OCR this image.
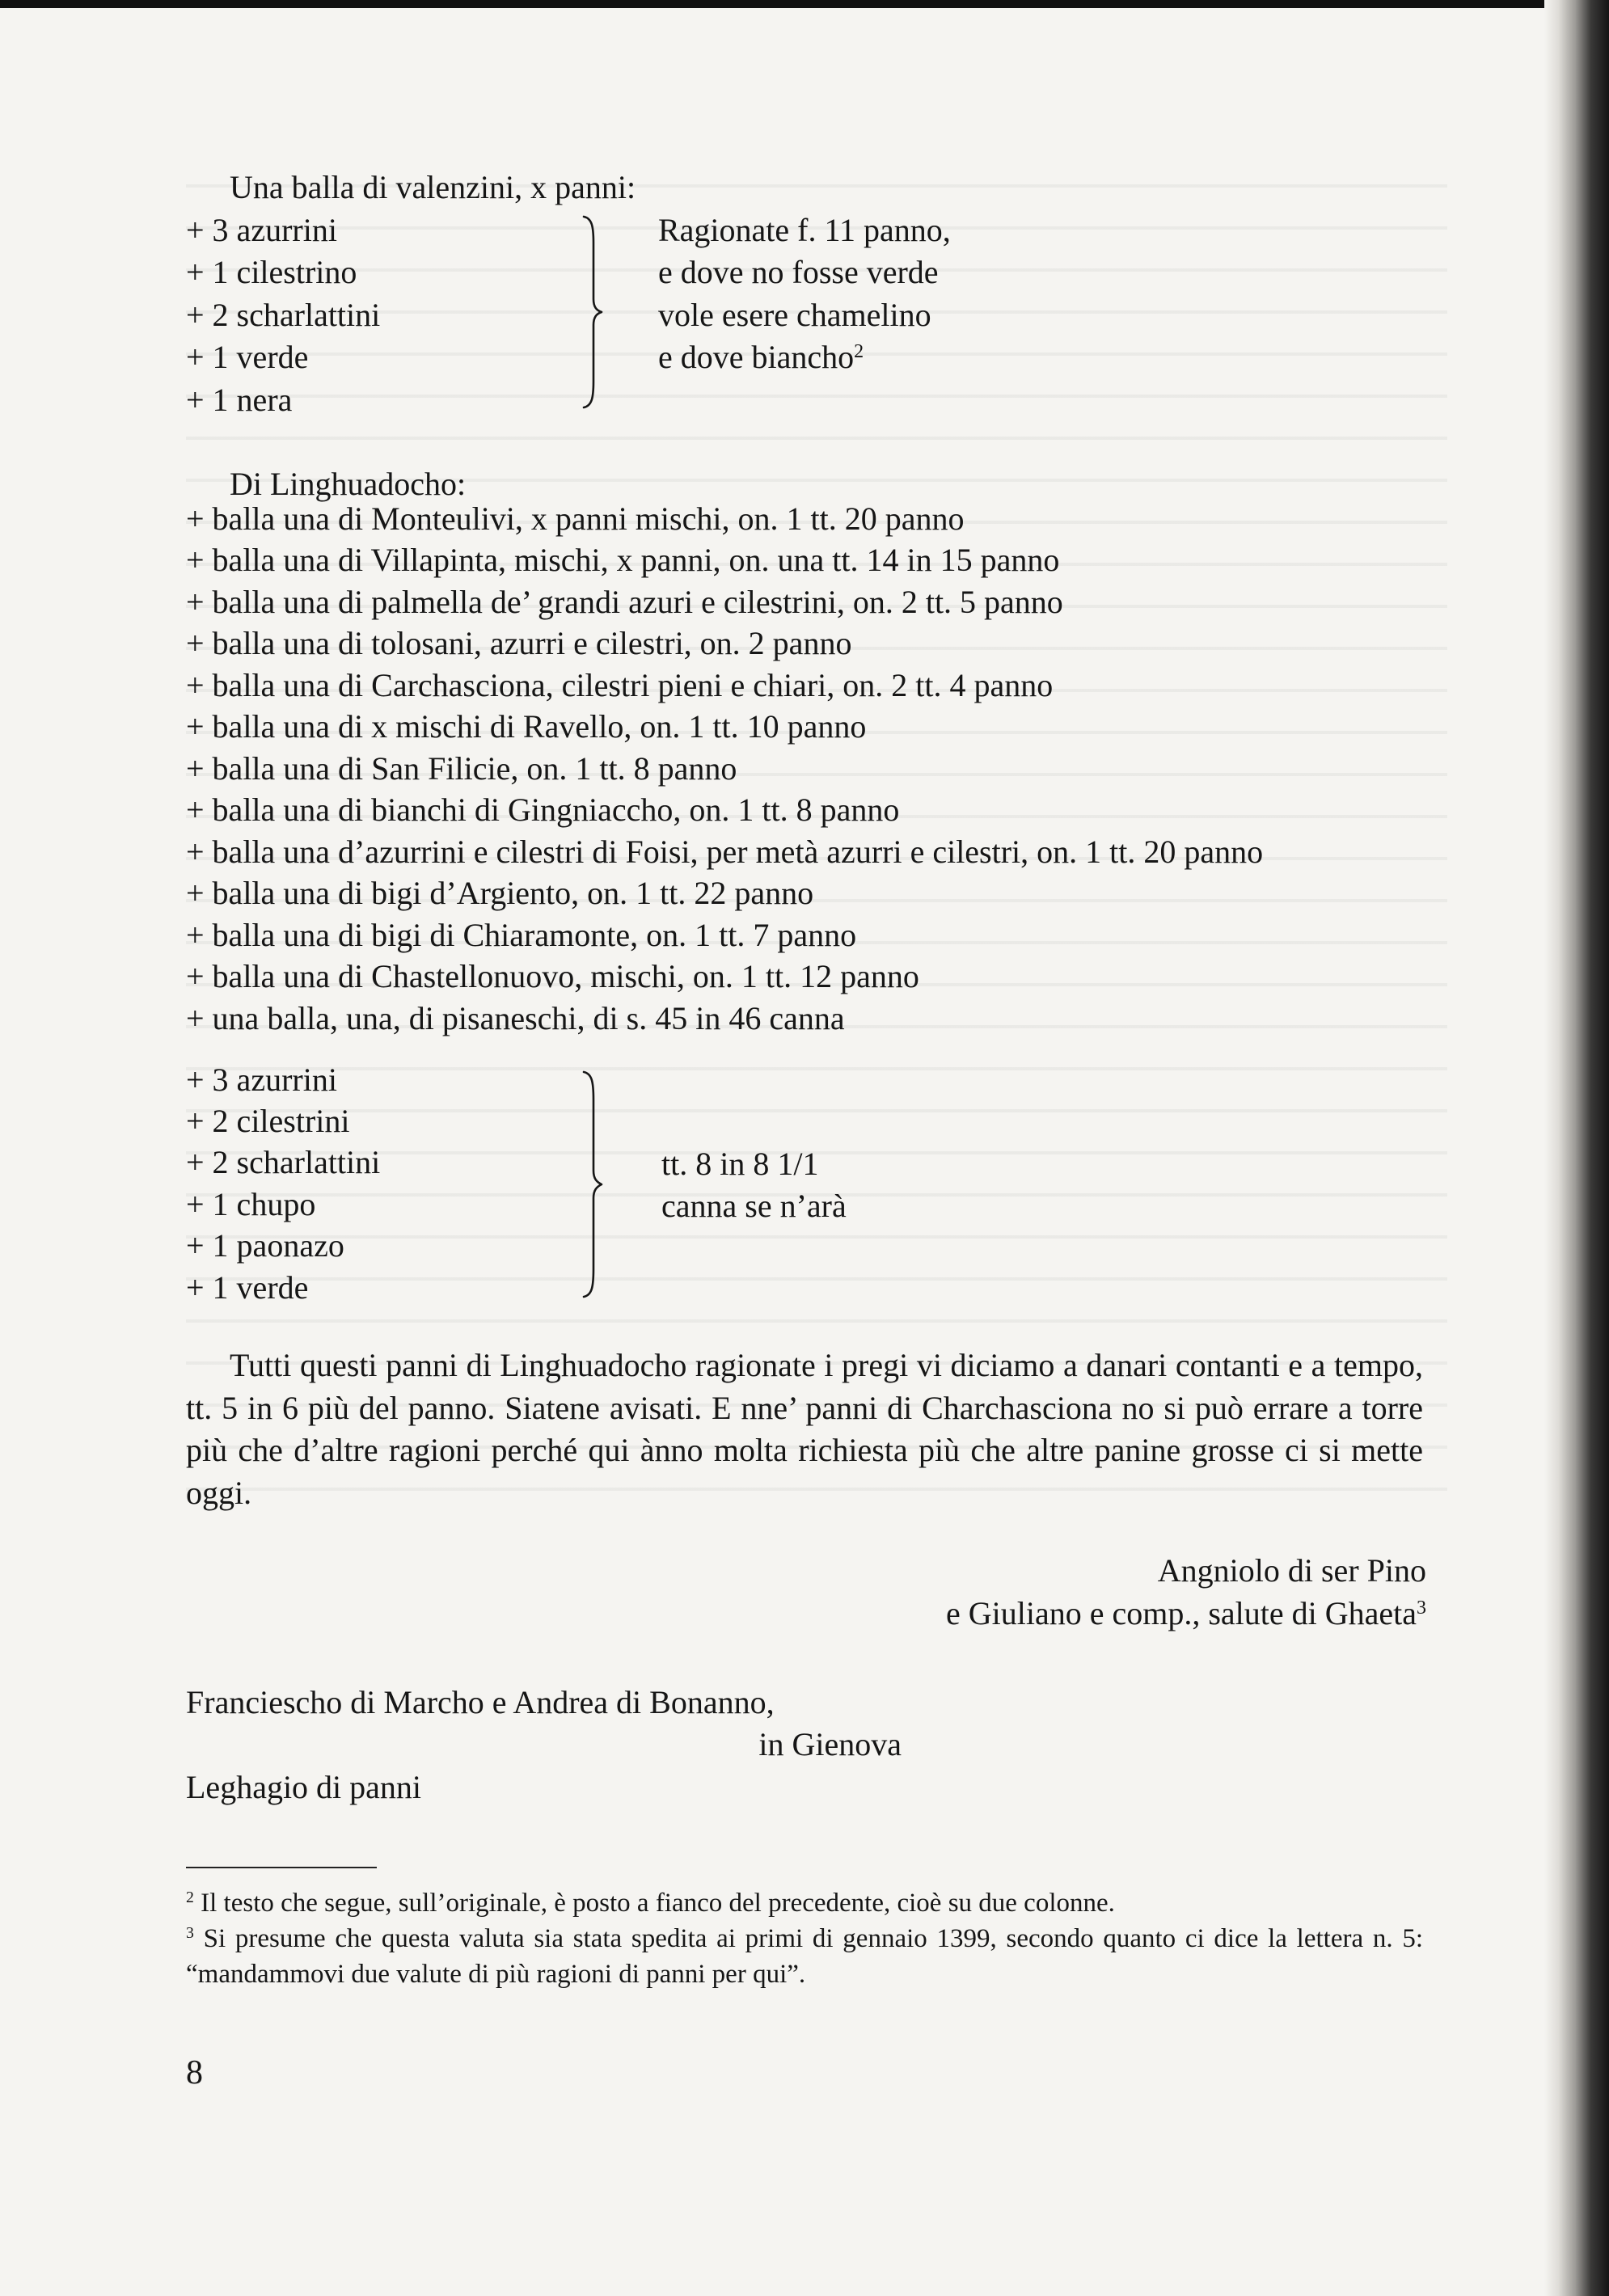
Una balla di valenzini, x panni:
+ 3 azurrini
+ 1 cilestrino
+ 2 scharlattini
+ 1 verde
+ 1 nera
Ragionate f. 11 panno,
e dove no fosse verde
vole esere chamelino
e dove biancho$^2$
Di Linghuadocho:
+ balla una di Monteulivi, x panni mischi, on. 1 tt. 20 panno
+ balla una di Villapinta, mischi, x panni, on. una tt. 14 in 15 panno
+ balla una di palmella de’ grandi azuri e cilestrini, on. 2 tt. 5 panno
+ balla una di tolosani, azurri e cilestri, on. 2 panno
+ balla una di Carchasciona, cilestri pieni e chiari, on. 2 tt. 4 panno
+ balla una di x mischi di Ravello, on. 1 tt. 10 panno
+ balla una di San Filicie, on. 1 tt. 8 panno
+ balla una di bianchi di Gingniaccho, on. 1 tt. 8 panno
+ balla una d’azurrini e cilestri di Foisi, per metà azurri e cilestri, on. 1 tt. 20 panno
+ balla una di bigi d’Argiento, on. 1 tt. 22 panno
+ balla una di bigi di Chiaramonte, on. 1 tt. 7 panno
+ balla una di Chastellonuovo, mischi, on. 1 tt. 12 panno
+ una balla, una, di pisaneschi, di s. 45 in 46 canna
+ 3 azurrini
+ 2 cilestrini
+ 2 scharlattini
+ 1 chupo
+ 1 paonazo
+ 1 verde
tt. 8 in 8 1/1
canna se n’arà
Tutti questi panni di Linghuadocho ragionate i pregi vi diciamo a danari contanti e a tempo, tt. 5 in 6 più del panno. Siatene avisati. E nne’ panni di Charchasciona no si può errare a torre più che d’altre ragioni perché qui ànno molta richiesta più che altre panine grosse ci si mette oggi.
Angniolo di ser Pino
e Giuliano e comp., salute di Ghaeta$^3$
Franciescho di Marcho e Andrea di Bonanno,
in Gienova
Leghagio di panni
$^2$ Il testo che segue, sull’originale, è posto a fianco del precedente, cioè su due colonne.
$^3$ Si presume che questa valuta sia stata spedita ai primi di gennaio 1399, secondo quanto ci dice la lettera n. 5: “mandammovi due valute di più ragioni di panni per qui”.
8
